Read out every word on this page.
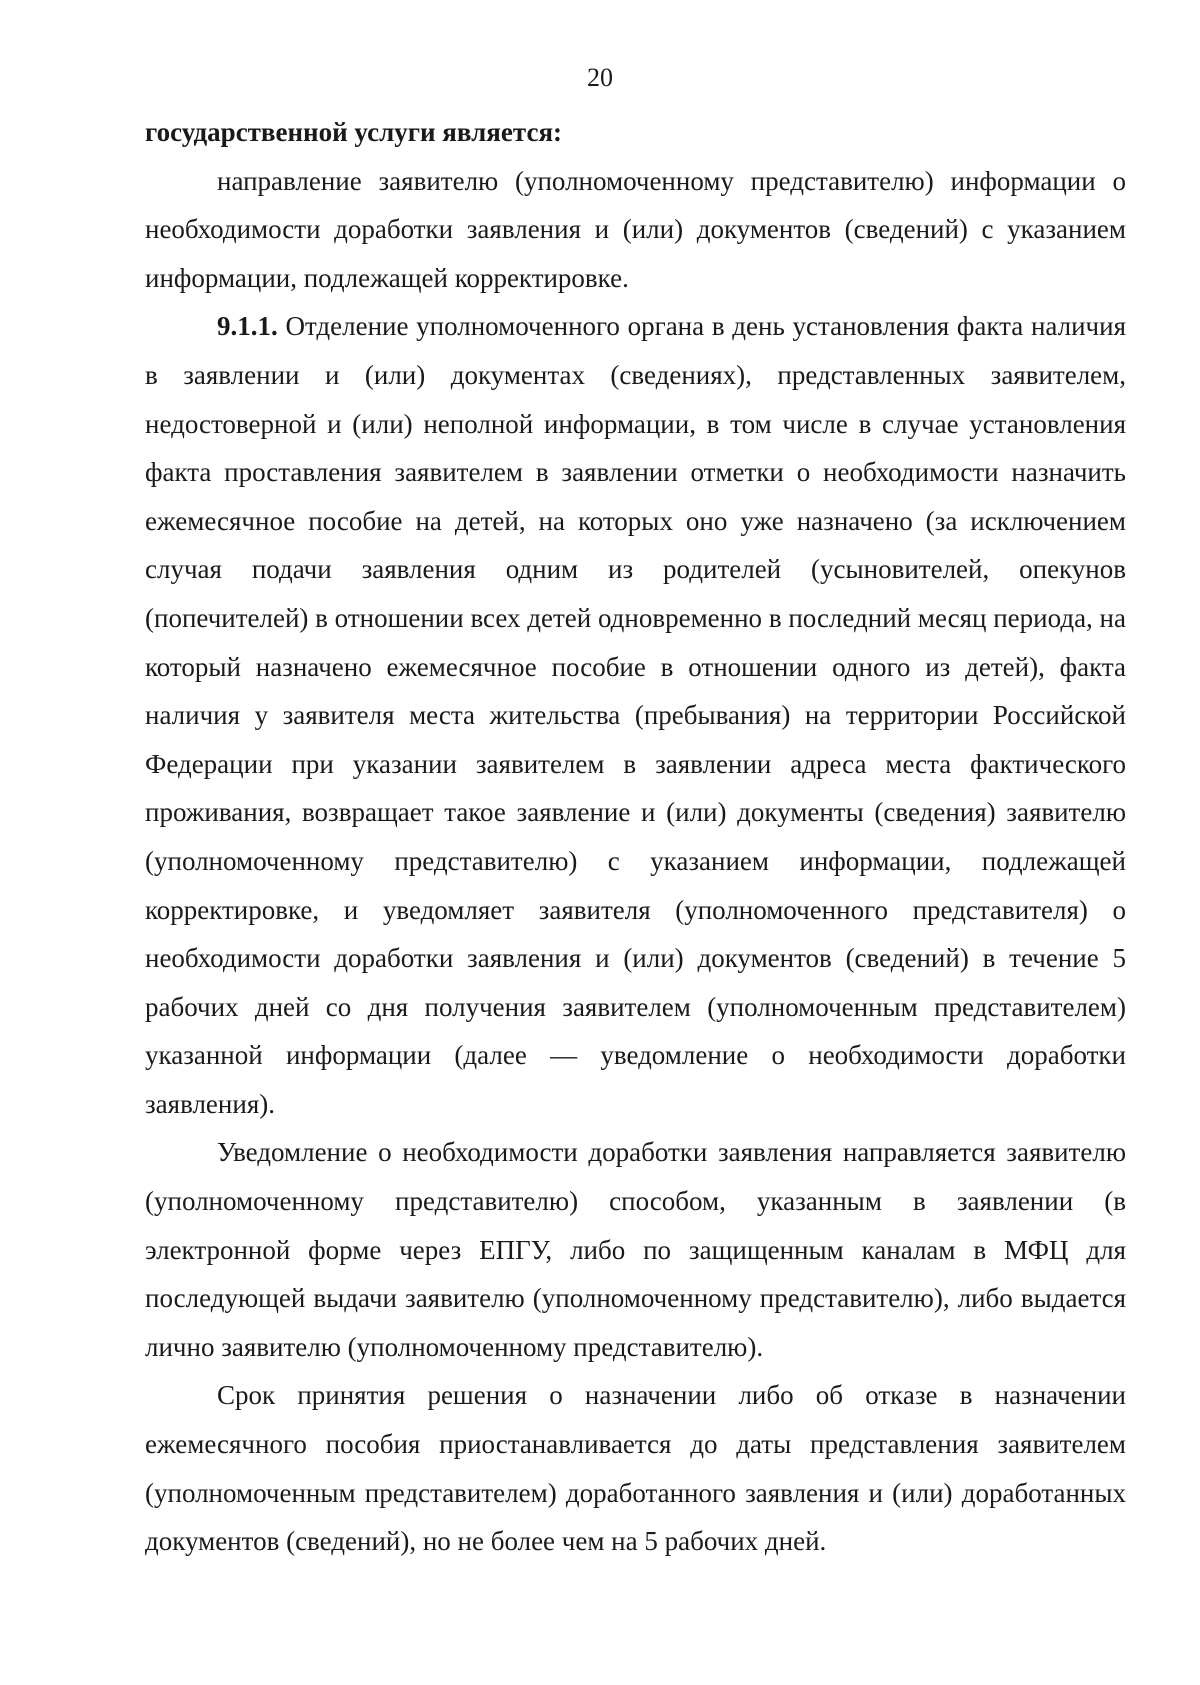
20

государственной услуги является:

направление заявителю (уполномоченному представителю) информации о необходимости доработки заявления и (или) документов (сведений) с указанием информации, подлежащей корректировке.

9.1.1. Отделение уполномоченного органа в день установления факта наличия в заявлении и (или) документах (сведениях), представленных заявителем, недостоверной и (или) неполной информации, в том числе в случае установления факта проставления заявителем в заявлении отметки о необходимости назначить ежемесячное пособие на детей, на которых оно уже назначено (за исключением случая подачи заявления одним из родителей (усыновителей, опекунов (попечителей) в отношении всех детей одновременно в последний месяц периода, на который назначено ежемесячное пособие в отношении одного из детей), факта наличия у заявителя места жительства (пребывания) на территории Российской Федерации при указании заявителем в заявлении адреса места фактического проживания, возвращает такое заявление и (или) документы (сведения) заявителю (уполномоченному представителю) с указанием информации, подлежащей корректировке, и уведомляет заявителя (уполномоченного представителя) о необходимости доработки заявления и (или) документов (сведений) в течение 5 рабочих дней со дня получения заявителем (уполномоченным представителем) указанной информации (далее — уведомление о необходимости доработки заявления).

Уведомление о необходимости доработки заявления направляется заявителю (уполномоченному представителю) способом, указанным в заявлении (в электронной форме через ЕПГУ, либо по защищенным каналам в МФЦ для последующей выдачи заявителю (уполномоченному представителю), либо выдается лично заявителю (уполномоченному представителю).

Срок принятия решения о назначении либо об отказе в назначении ежемесячного пособия приостанавливается до даты представления заявителем (уполномоченным представителем) доработанного заявления и (или) доработанных документов (сведений), но не более чем на 5 рабочих дней.
